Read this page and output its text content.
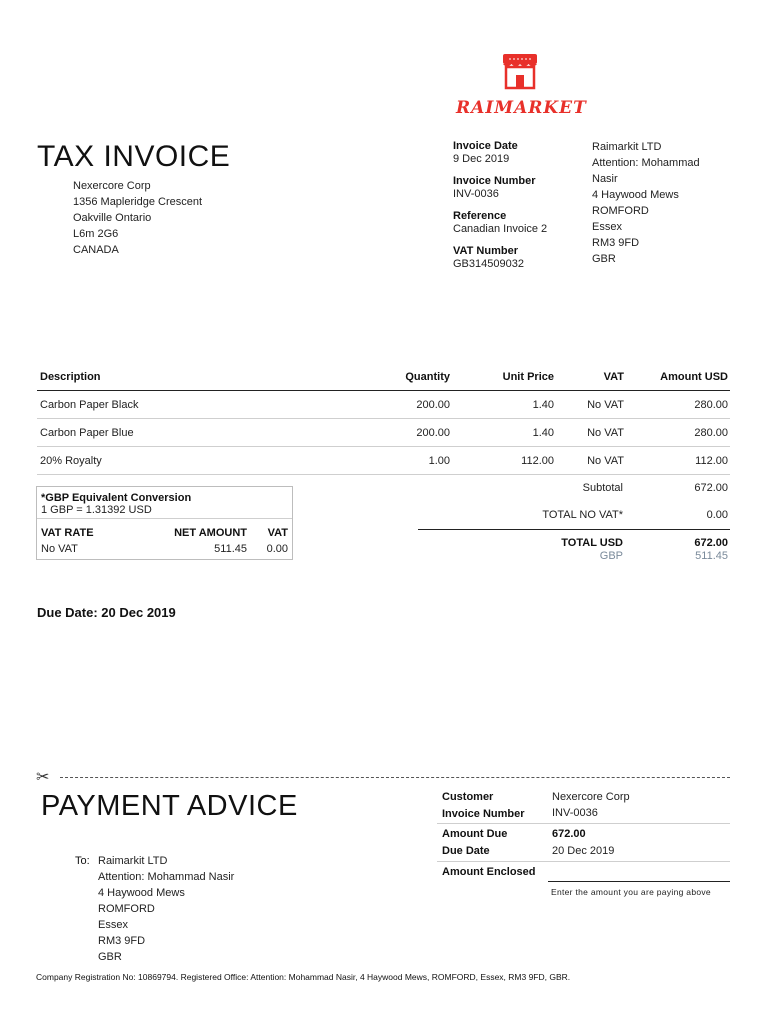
RAIMARKET
TAX INVOICE
Nexercore Corp
1356 Mapleridge Crescent
Oakville Ontario
L6m 2G6
CANADA
Invoice Date
9 Dec 2019
Invoice Number
INV-0036
Reference
Canadian Invoice 2
VAT Number
GB314509032
Raimarkit LTD
Attention: Mohammad
Nasir
4 Haywood Mews
ROMFORD
Essex
RM3 9FD
GBR
Description	Quantity	Unit Price	VAT	Amount USD
Carbon Paper Black	200.00	1.40	No VAT	280.00
Carbon Paper Blue	200.00	1.40	No VAT	280.00
20% Royalty	1.00	112.00	No VAT	112.00
*GBP Equivalent Conversion
1 GBP = 1.31392 USD
VAT RATE	NET AMOUNT	VAT
No VAT	511.45	0.00
Subtotal	672.00
TOTAL NO VAT*	0.00
TOTAL USD	672.00
GBP	511.45
Due Date: 20 Dec 2019
✂
PAYMENT ADVICE
To: Raimarkit LTD
Attention: Mohammad Nasir
4 Haywood Mews
ROMFORD
Essex
RM3 9FD
GBR
Customer	Nexercore Corp
Invoice Number INV-0036
Amount Due	672.00
Due Date	20 Dec 2019
Amount Enclosed
Enter the amount you are paying above
Company Registration No: 10869794. Registered Office: Attention: Mohammad Nasir, 4 Haywood Mews, ROMFORD, Essex, RM3 9FD, GBR.
